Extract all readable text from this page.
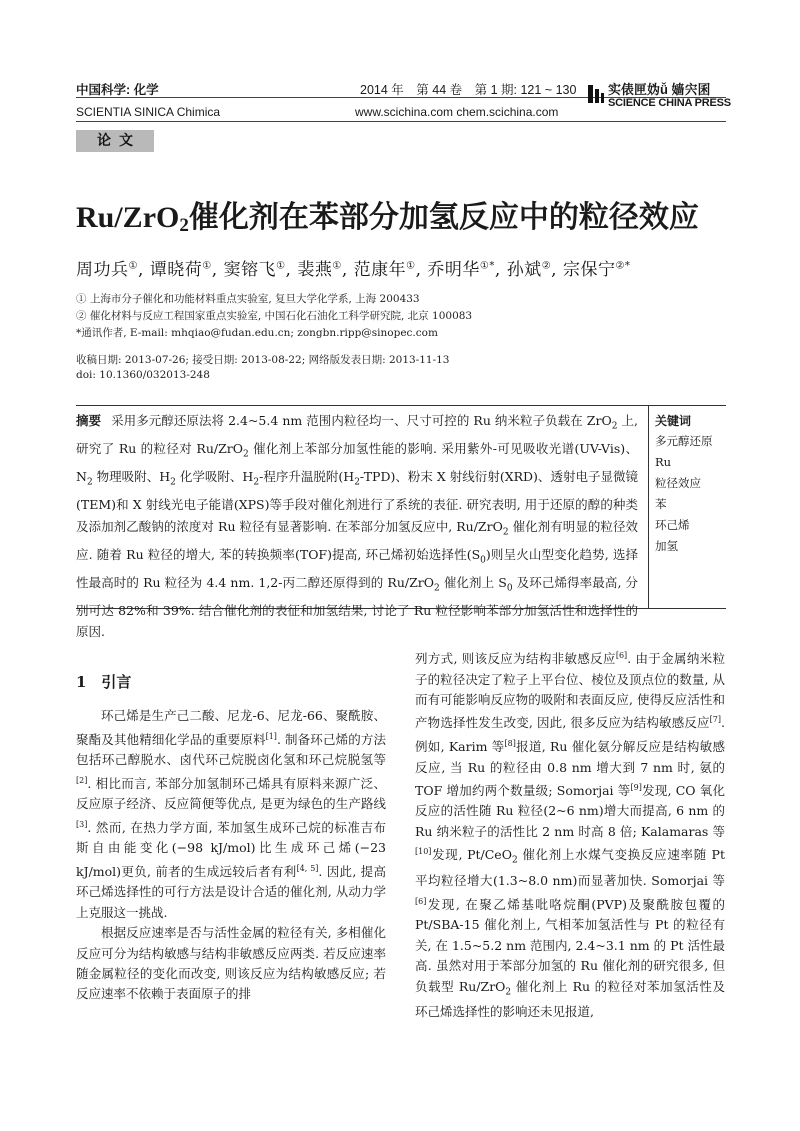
中国科学: 化学	2014 年　第 44 卷　第 1 期: 121 ~ 130
SCIENTIA SINICA Chimica	www.scichina.com chem.scichina.com
实俵匣妫ǚ 嫱宍囷
SCIENCE CHINA PRESS
论文
Ru/ZrO$_2$催化剂在苯部分加氢反应中的粒径效应
周功兵①, 谭晓荷①, 窦镕飞①, 裴燕①, 范康年①, 乔明华①*, 孙斌②, 宗保宁②*
① 上海市分子催化和功能材料重点实验室, 复旦大学化学系, 上海 200433
② 催化材料与反应工程国家重点实验室, 中国石化石油化工科学研究院, 北京 100083
*通讯作者, E-mail: mhqiao@fudan.edu.cn; zongbn.ripp@sinopec.com
收稿日期: 2013-07-26; 接受日期: 2013-08-22; 网络版发表日期: 2013-11-13
doi: 10.1360/032013-248
摘要 采用多元醇还原法将 2.4~5.4 nm 范围内粒径均一、尺寸可控的 Ru 纳米粒子负载在 ZrO$_2$ 上, 研究了 Ru 的粒径对 Ru/ZrO$_2$ 催化剂上苯部分加氢性能的影响. 采用紫外-可见吸收光谱(UV-Vis)、$N_2$ 物理吸附、$H_2$ 化学吸附、$H_2-$程序升温脱附$(H_2-TPD)$、粉末 X 射线衍射(XRD)、透射电子显微镜(TEM)和 X 射线光电子能谱(XPS)等手段对催化剂进行了系统的表征. 研究表明, 用于还原的醇的种类及添加剂乙酸钠的浓度对 Ru 粒径有显著影响. 在苯部分加氢反应中, Ru/ZrO$_2$ 催化剂有明显的粒径效应. 随着 Ru 粒径的增大, 苯的转换频率(TOF)提高, 环己烯初始选择性$(S_0)$则呈火山型变化趋势, 选择性最高时的 Ru 粒径为 4.4 nm. 1,2-丙二醇还原得到的 Ru/ZrO$_2$ 催化剂上 $S_0$ 及环己烯得率最高, 分别可达 82%和 39%. 结合催化剂的表征和加氢结果, 讨论了 Ru 粒径影响苯部分加氢活性和选择性的原因.
关键词
多元醇还原
Ru
粒径效应
苯
环己烯
加氢
1　引言

环己烯是生产己二酸、尼龙-6、尼龙-66、聚酰胺、聚酯及其他精细化学品的重要原料[1]. 制备环己烯的方法包括环己醇脱水、卤代环己烷脱卤化氢和环己烷脱氢等[2]. 相比而言, 苯部分加氢制环己烯具有原料来源广泛、反应原子经济、反应简便等优点, 是更为绿色的生产路线[3]. 然而, 在热力学方面, 苯加氢生成环己烷的标准吉布斯自由能变化(−98 kJ/mol)比生成环己烯(−23 kJ/mol)更负, 前者的生成远较后者有利[4, 5]. 因此, 提高环己烯选择性的可行方法是设计合适的催化剂, 从动力学上克服这一挑战.

根据反应速率是否与活性金属的粒径有关, 多相催化反应可分为结构敏感与结构非敏感反应两类. 若反应速率随金属粒径的变化而改变, 则该反应为结构敏感反应; 若反应速率不依赖于表面原子的排

列方式, 则该反应为结构非敏感反应[6]. 由于金属纳米粒子的粒径决定了粒子上平台位、棱位及顶点位的数量, 从而有可能影响反应物的吸附和表面反应, 使得反应活性和产物选择性发生改变, 因此, 很多反应为结构敏感反应[7]. 例如, Karim 等[8]报道, Ru 催化氨分解反应是结构敏感反应, 当 Ru 的粒径由 0.8 nm 增大到 7 nm 时, 氨的 TOF 增加约两个数量级; Somorjai 等[9]发现, CO 氧化反应的活性随 Ru 粒径(2~6 nm)增大而提高, 6 nm 的 Ru 纳米粒子的活性比 2 nm 时高 8 倍; Kalamaras 等[10]发现, Pt/CeO$_2$ 催化剂上水煤气变换反应速率随 Pt 平均粒径增大(1.3~8.0 nm)而显著加快. Somorjai 等[6]发现, 在聚乙烯基吡咯烷酮(PVP)及聚酰胺包覆的 Pt/SBA-15 催化剂上, 气相苯加氢活性与 Pt 的粒径有关, 在 1.5~5.2 nm 范围内, 2.4~3.1 nm 的 Pt 活性最高. 虽然对用于苯部分加氢的 Ru 催化剂的研究很多, 但负载型 Ru/ZrO$_2$ 催化剂上 Ru 的粒径对苯加氢活性及环己烯选择性的影响还未见报道,
